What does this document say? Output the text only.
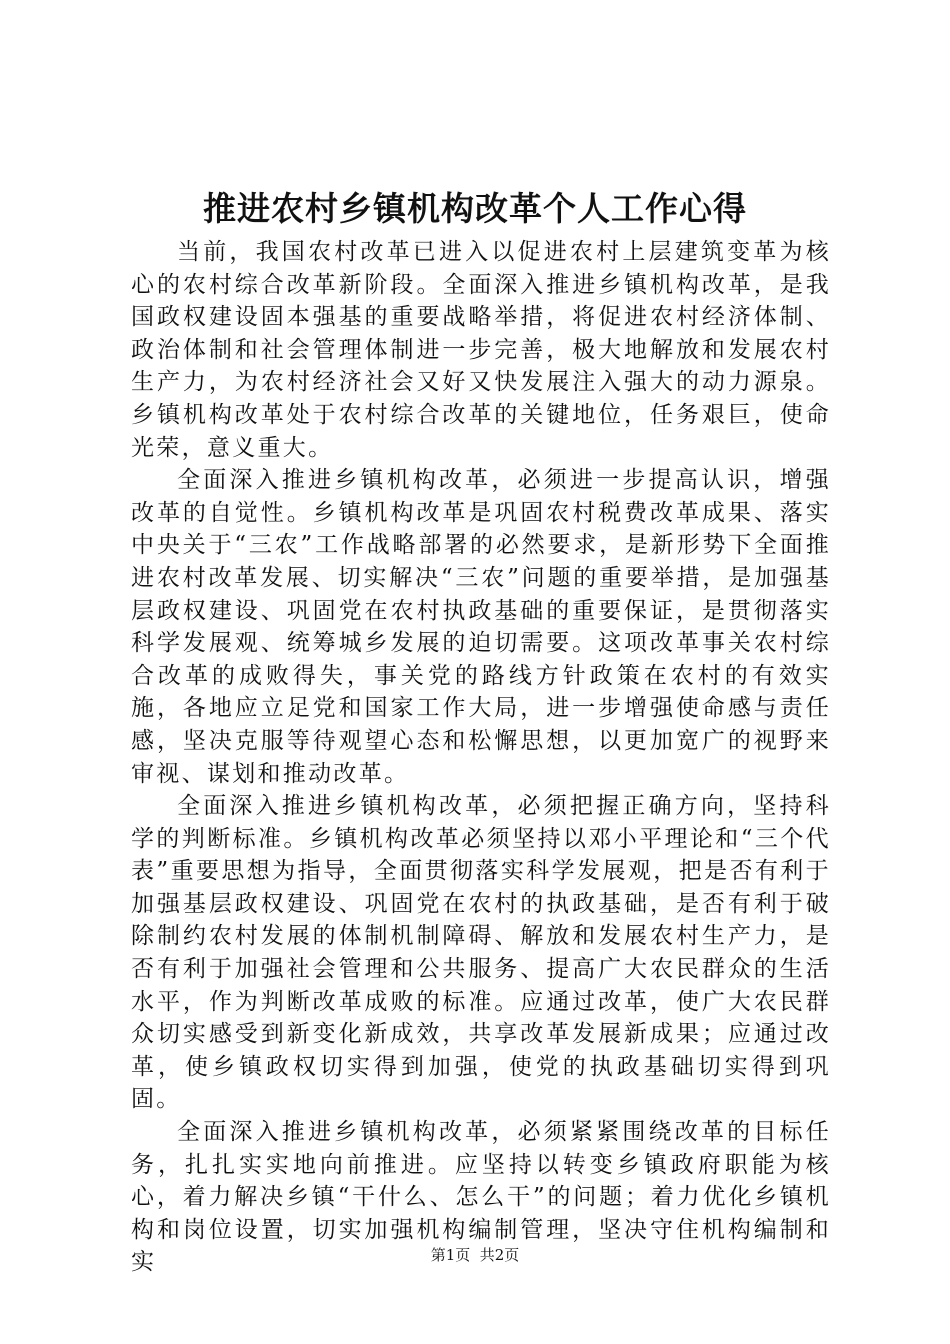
推进农村乡镇机构改革个人工作心得

当前，我国农村改革已进入以促进农村上层建筑变革为核心的农村综合改革新阶段。全面深入推进乡镇机构改革，是我国政权建设固本强基的重要战略举措，将促进农村经济体制、政治体制和社会管理体制进一步完善，极大地解放和发展农村生产力，为农村经济社会又好又快发展注入强大的动力源泉。乡镇机构改革处于农村综合改革的关键地位，任务艰巨，使命光荣，意义重大。

全面深入推进乡镇机构改革，必须进一步提高认识，增强改革的自觉性。乡镇机构改革是巩固农村税费改革成果、落实中央关于“三农”工作战略部署的必然要求，是新形势下全面推进农村改革发展、切实解决“三农”问题的重要举措，是加强基层政权建设、巩固党在农村执政基础的重要保证，是贯彻落实科学发展观、统筹城乡发展的迫切需要。这项改革事关农村综合改革的成败得失，事关党的路线方针政策在农村的有效实施，各地应立足党和国家工作大局，进一步增强使命感与责任感，坚决克服等待观望心态和松懈思想，以更加宽广的视野来审视、谋划和推动改革。

全面深入推进乡镇机构改革，必须把握正确方向，坚持科学的判断标准。乡镇机构改革必须坚持以邓小平理论和“三个代表”重要思想为指导，全面贯彻落实科学发展观，把是否有利于加强基层政权建设、巩固党在农村的执政基础，是否有利于破除制约农村发展的体制机制障碍、解放和发展农村生产力，是否有利于加强社会管理和公共服务、提高广大农民群众的生活水平，作为判断改革成败的标准。应通过改革，使广大农民群众切实感受到新变化新成效，共享改革发展新成果；应通过改革，使乡镇政权切实得到加强，使党的执政基础切实得到巩固。

全面深入推进乡镇机构改革，必须紧紧围绕改革的目标任务，扎扎实实地向前推进。应坚持以转变乡镇政府职能为核心，着力解决乡镇“干什么、怎么干”的问题；着力优化乡镇机构和岗位设置，切实加强机构编制管理，坚决守住机构编制和实	第1页  共2页
